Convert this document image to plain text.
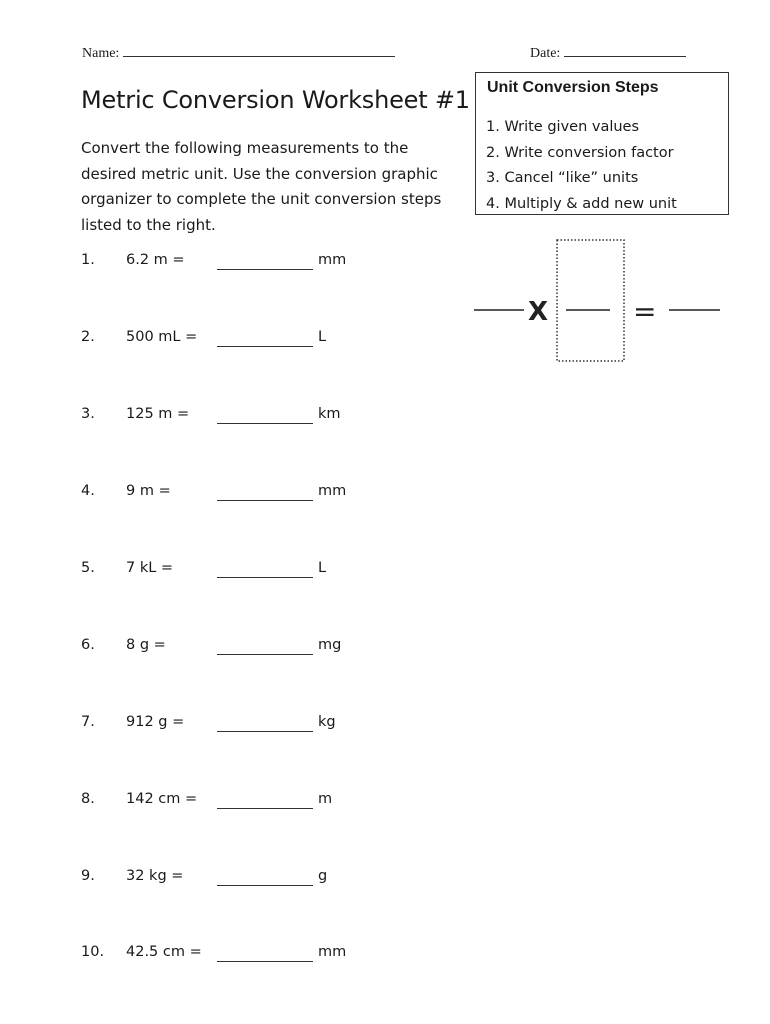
Name:	Date:
Metric Conversion Worksheet #1
Convert the following measurements to the desired metric unit. Use the conversion graphic organizer to complete the unit conversion steps listed to the right.
Unit Conversion Steps
1. Write given values
2. Write conversion factor
3. Cancel “like” units
4. Multiply & add new unit
X	=
1. 6.2 m =	mm
2. 500 mL =	L
3. 125 m =	km
4. 9 m =	mm
5. 7 kL =	L
6. 8 g =	mg
7. 912 g =	kg
8. 142 cm =	m
9. 32 kg =	g
10. 42.5 cm =	mm
